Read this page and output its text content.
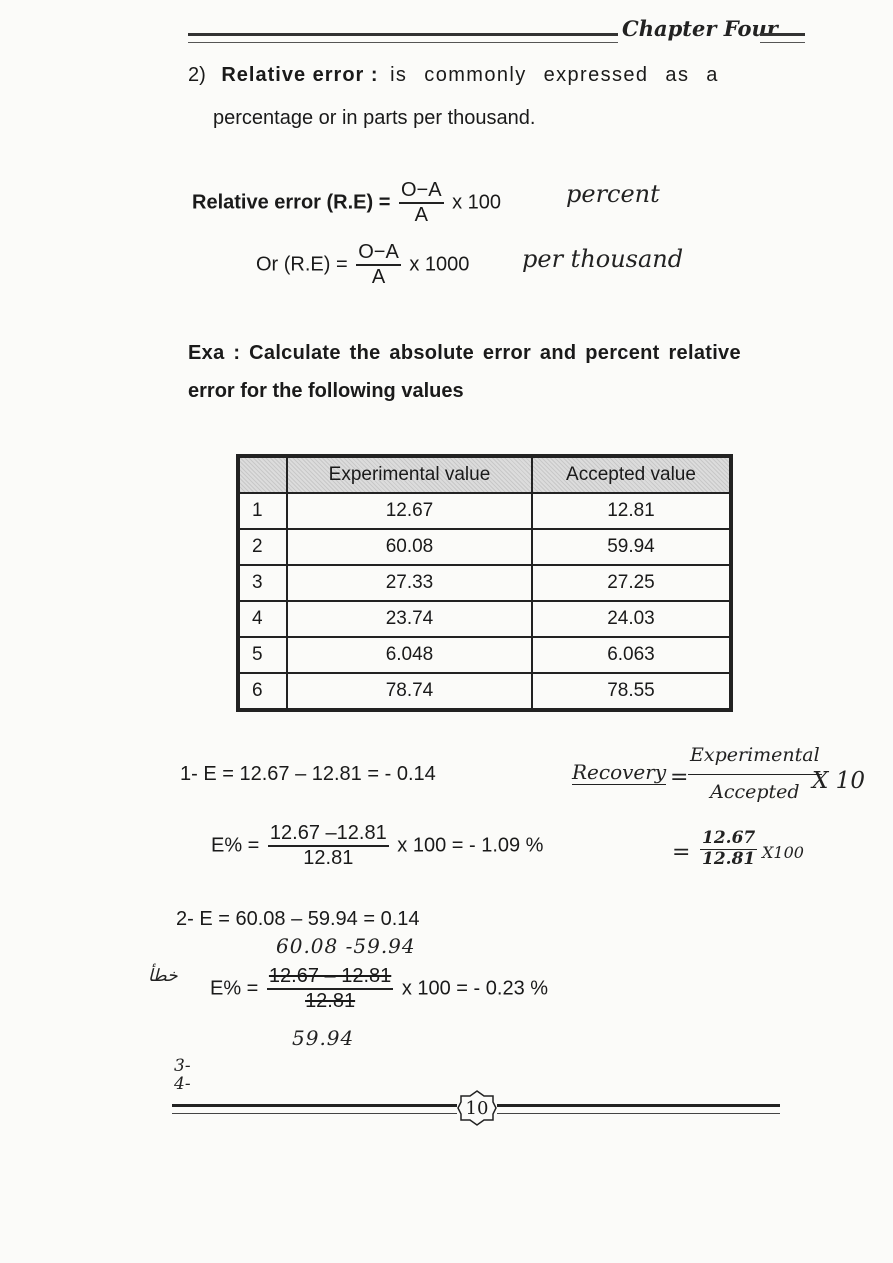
Chapter Four
2) Relative error : is commonly expressed as a
percentage or in parts per thousand.
Relative error $(R.E) = \frac{O-A}{A}$ x 100	percent
Or $(R.E) = \frac{O-A}{A}$ x 1000 per thousand
Exa : Calculate the absolute error and percent relative
error for the following values
	Experimental value	Accepted value
1	12.67	12.81
2	60.08	59.94
3	27.33	27.25
4	23.74	24.03
5	6.048	6.063
6	78.74	78.55
1- E = 12.67 – 12.81 = - 0.14
$E\% = \frac{12.67 -12.81}{12.81}$ x 100 = - 1.09 %
Recovery = $\frac{\text{Experimental}}{\text{Accepted}}$
X 10
= $\frac{12.67}{12.81} X100$
2- E = 60.08 – 59.94 = 0.14
60.08 -59.94
خطأ
$E\% = \frac{12.67 - 12.81}{12.81}$ x 100 = - 0.23 %
59.94
3-
4-
10
